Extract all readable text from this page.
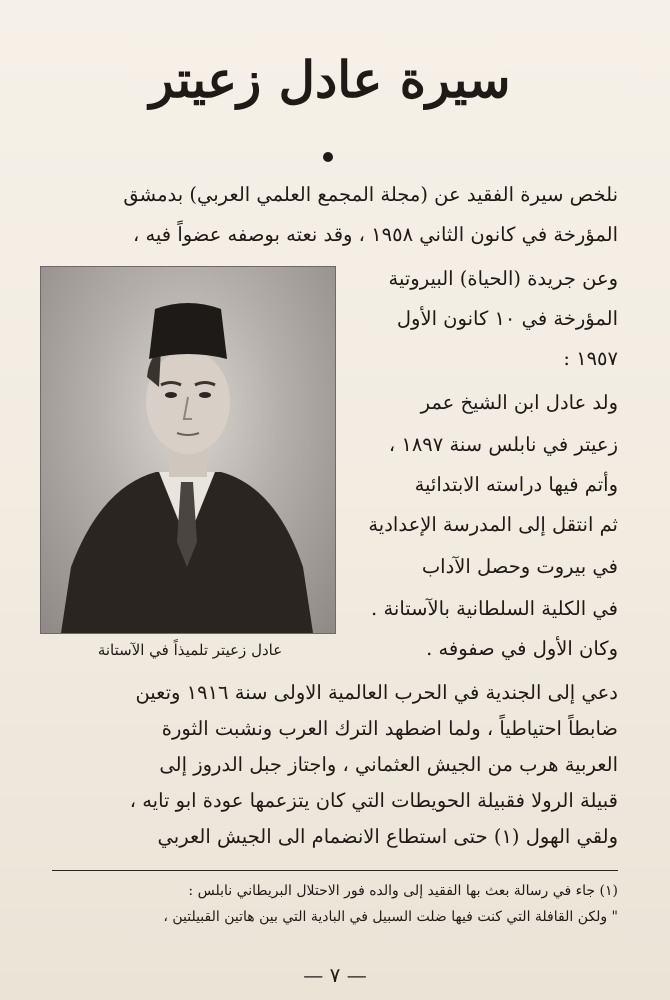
سيرة عادل زعيتر
نلخص سيرة الفقيد عن (مجلة المجمع العلمي العربي) بدمشق
المؤرخة في كانون الثاني ١٩٥٨ ، وقد نعته بوصفه عضواً فيه ،
وعن جريدة (الحياة) البيروتية
المؤرخة في ١٠ كانون الأول
١٩٥٧ :
ولد عادل ابن الشيخ عمر
زعيتر في نابلس سنة ١٨٩٧ ،
وأتم فيها دراسته الابتدائية
ثم انتقل إلى المدرسة الإعدادية
في بيروت وحصل الآداب
في الكلية السلطانية بالآستانة .
وكان الأول في صفوفه .
عادل زعيتر تلميذاً في الآستانة
دعي إلى الجندية في الحرب العالمية الاولى سنة ١٩١٦ وتعين
ضابطاً احتياطياً ، ولما اضطهد الترك العرب ونشبت الثورة
العربية هرب من الجيش العثماني ، واجتاز جبل الدروز إلى
قبيلة الرولا فقبيلة الحويطات التي كان يتزعمها عودة ابو تايه ،
ولقي الهول (١) حتى استطاع الانضمام الى الجيش العربي
(١) جاء في رسالة بعث بها الفقيد إلى والده فور الاحتلال البريطاني نابلس :
" ولكن القافلة التي كنت فيها ضلت السبيل في البادية التي بين هاتين القبيلتين ،
— ٧ —
